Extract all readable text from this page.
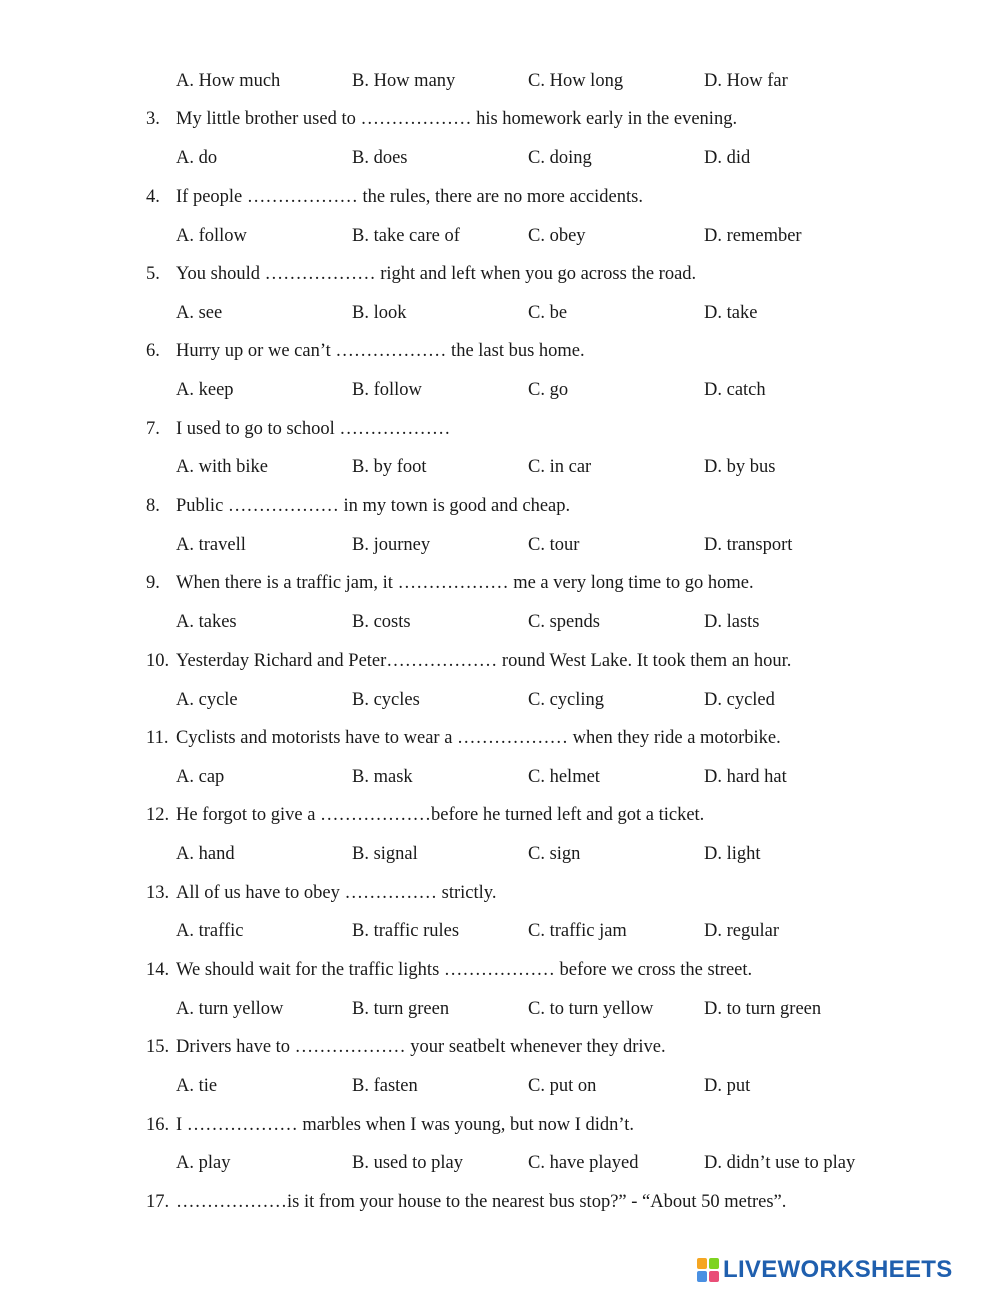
A. How much	B. How many	C. How long	D. How far
3. My little brother used to ……………… his homework early in the evening.
A. do	B. does	C. doing	D. did
4. If people ……………… the rules, there are no more accidents.
A. follow	B. take care of	C. obey	D. remember
5. You should ……………… right and left when you go across the road.
A. see	B. look	C. be	D. take
6. Hurry up or we can’t ……………… the last bus home.
A. keep	B. follow	C. go	D. catch
7. I used to go to school ………………
A. with bike	B. by foot	C. in car	D. by bus
8. Public ……………… in my town is good and cheap.
A. travell	B. journey	C. tour	D. transport
9. When there is a traffic jam, it ……………… me a very long time to go home.
A. takes	B. costs	C. spends	D. lasts
10. Yesterday Richard and Peter……………… round West Lake. It took them an hour.
A. cycle	B. cycles	C. cycling	D. cycled
11. Cyclists and motorists have to wear a ……………… when they ride a motorbike.
A. cap	B. mask	C. helmet	D. hard hat
12. He forgot to give a ………………before he turned left and got a ticket.
A. hand	B. signal	C. sign	D. light
13. All of us have to obey …………… strictly.
A. traffic	B. traffic rules	C. traffic jam	D. regular
14. We should wait for the traffic lights ……………… before we cross the street.
A. turn yellow	B. turn green	C. to turn yellow	D. to turn green
15. Drivers have to ……………… your seatbelt whenever they drive.
A. tie	B. fasten	C. put on	D. put
16. I ……………… marbles when I was young, but now I didn’t.
A. play	B. used to play	C. have played	D. didn’t use to play
17. ………………is it from your house to the nearest bus stop?” - “About 50 metres”.
LIVEWORKSHEETS
